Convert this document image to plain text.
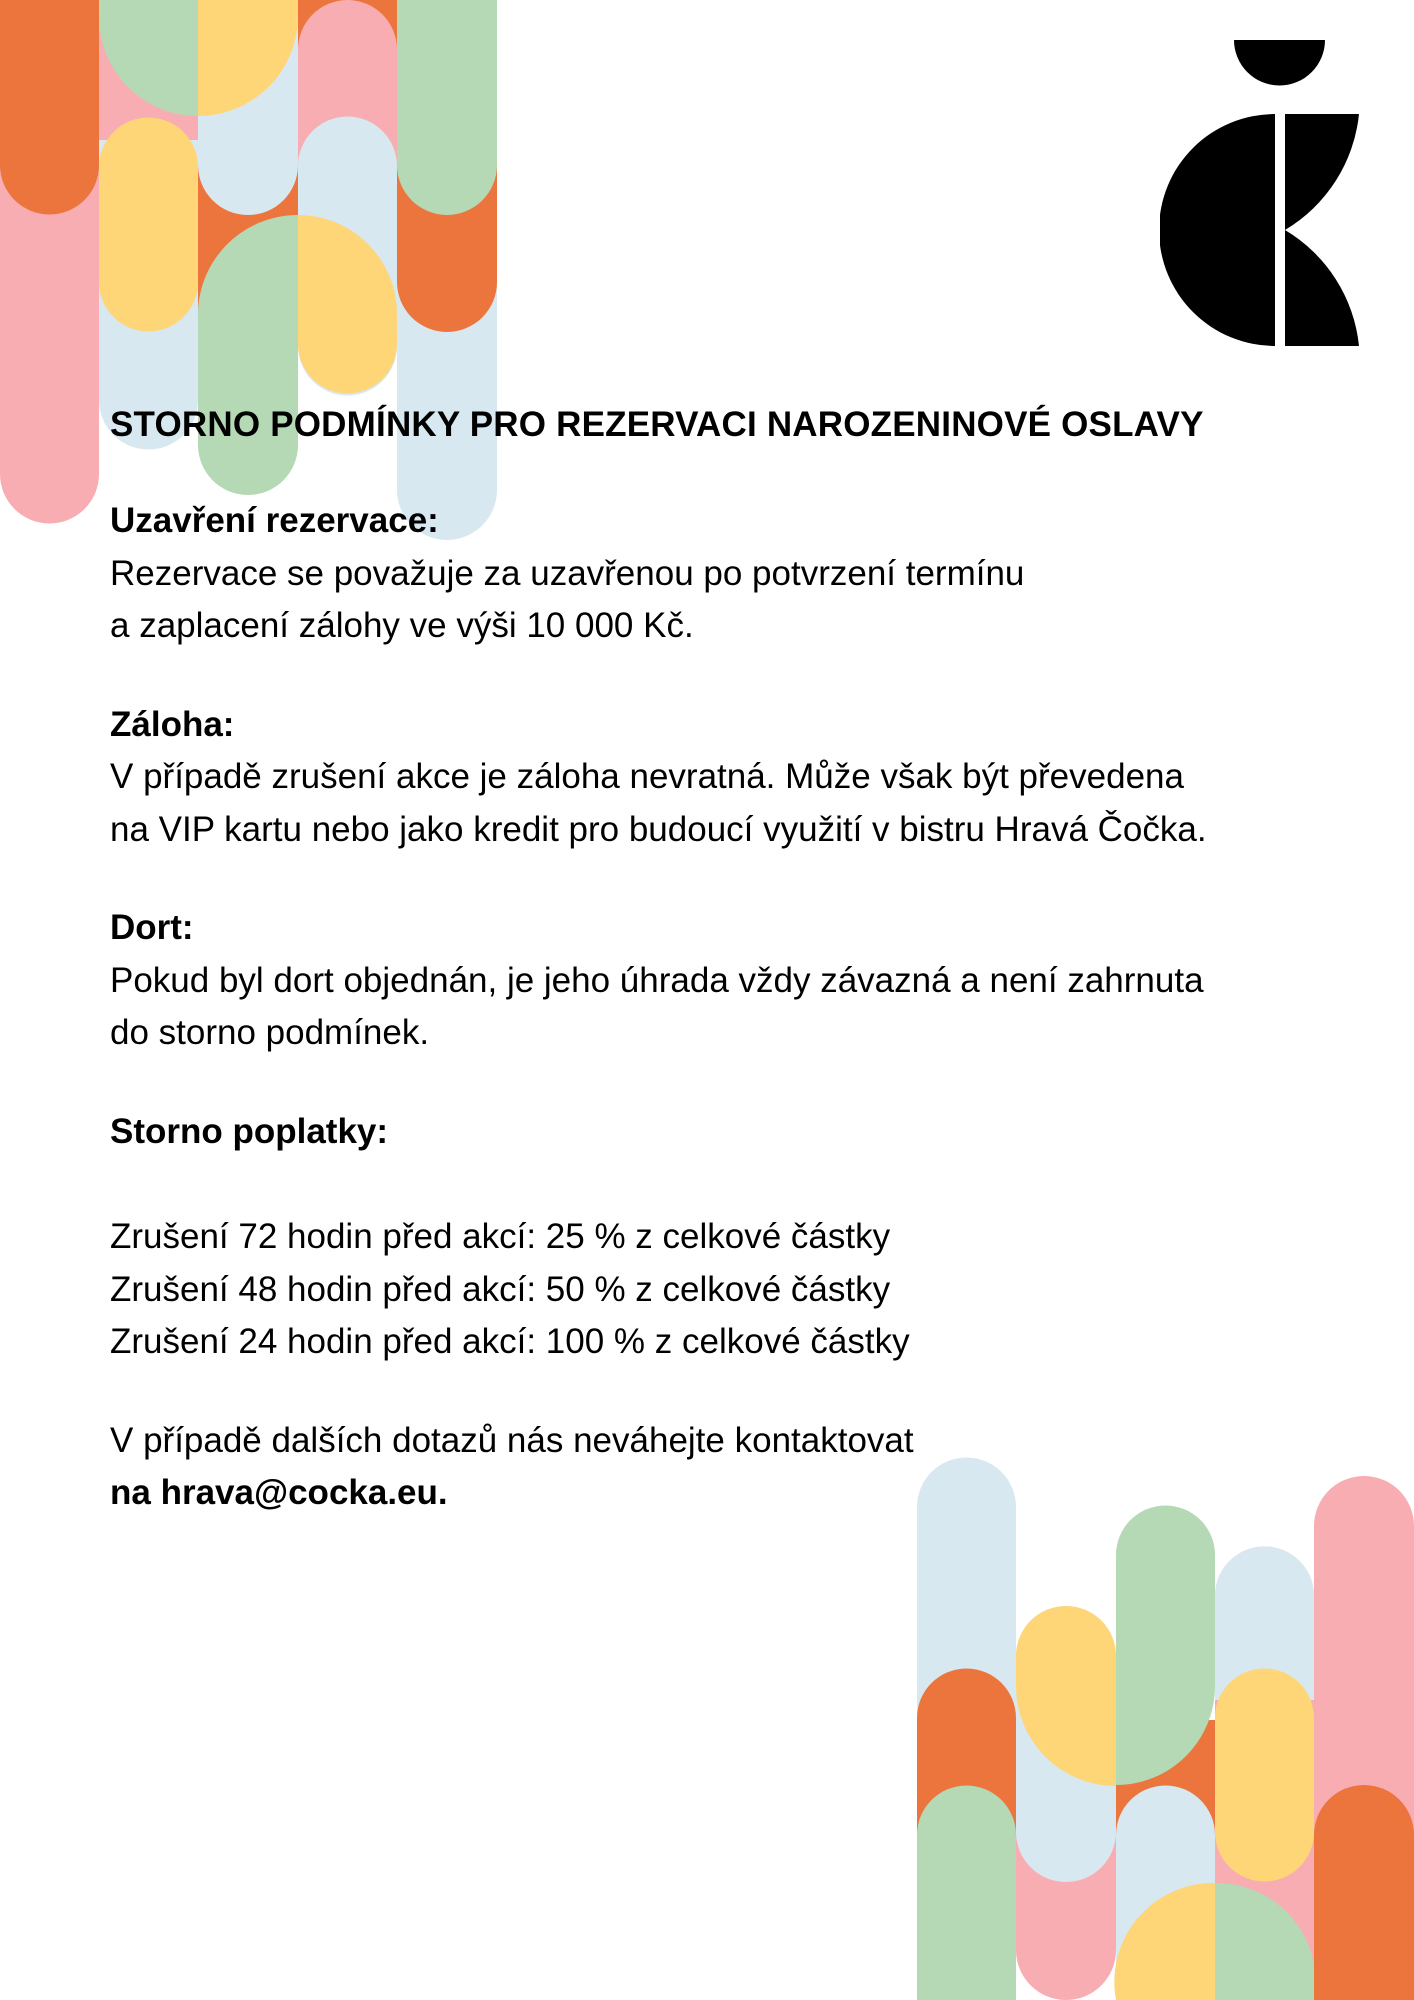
STORNO PODMÍNKY PRO REZERVACI NAROZENINOVÉ OSLAVY

Uzavření rezervace:

Rezervace se považuje za uzavřenou po potvrzení termínu

a zaplacení zálohy ve výši 10 000 Kč.

Záloha:

V případě zrušení akce je záloha nevratná. Může však být převedena

na VIP kartu nebo jako kredit pro budoucí využití v bistru Hravá Čočka.

Dort:

Pokud byl dort objednán, je jeho úhrada vždy závazná a není zahrnuta

do storno podmínek.

Storno poplatky:

Zrušení 72 hodin před akcí: 25 % z celkové částky

Zrušení 48 hodin před akcí: 50 % z celkové částky

Zrušení 24 hodin před akcí: 100 % z celkové částky

V případě dalších dotazů nás neváhejte kontaktovat

na hrava@cocka.eu.
